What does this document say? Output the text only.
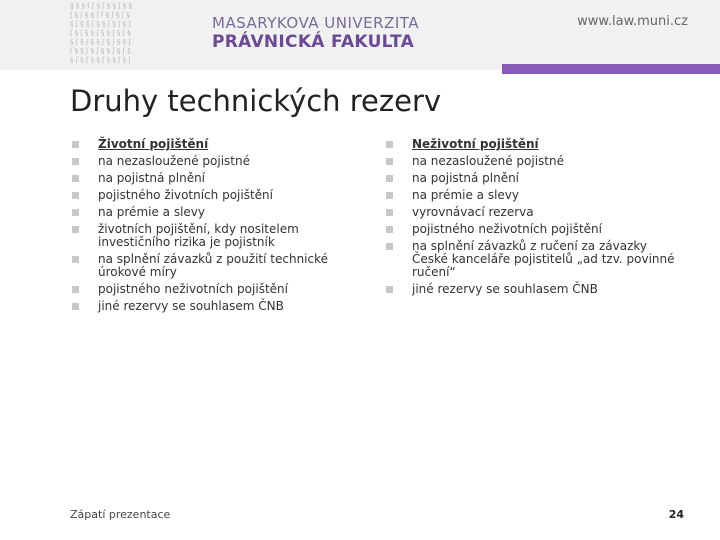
‖ § § ſ ʃ § ʃ § § ʃ § §
ʃ § ʃ § § ʃ ſ § ʃ § ʃ §
§ ʃ § § ʃ § § ʃ § ʃ § ʃ
ʃ § ʃ § § ʃ § § ʃ § ʃ §
§ ʃ § ʃ § § ʃ § ʃ § § ʃ
ʃ § § ʃ § ʃ § § ʃ § ʃ §
§ ʃ § ʃ § § ʃ § § ʃ § ʃ
MASARYKOVA UNIVERZITA
PRÁVNICKÁ FAKULTA
www.law.muni.cz
Druhy technických rezerv
Životní pojištění
na nezasloužené pojistné
na pojistná plnění
pojistného životních pojištění
na prémie a slevy
životních pojištění, kdy nositelem investičního rizika je pojistník
na splnění závazků z použití technické úrokové míry
pojistného neživotních pojištění
jiné rezervy se souhlasem ČNB
Neživotní pojištění
na nezasloužené pojistné
na pojistná plnění
na prémie a slevy
vyrovnávací rezerva
pojistného neživotních pojištění
na splnění závazků z ručení za závazky České kanceláře pojistitelů „ad tzv. povinné ručení“
jiné rezervy se souhlasem ČNB
Zápatí prezentace	24
